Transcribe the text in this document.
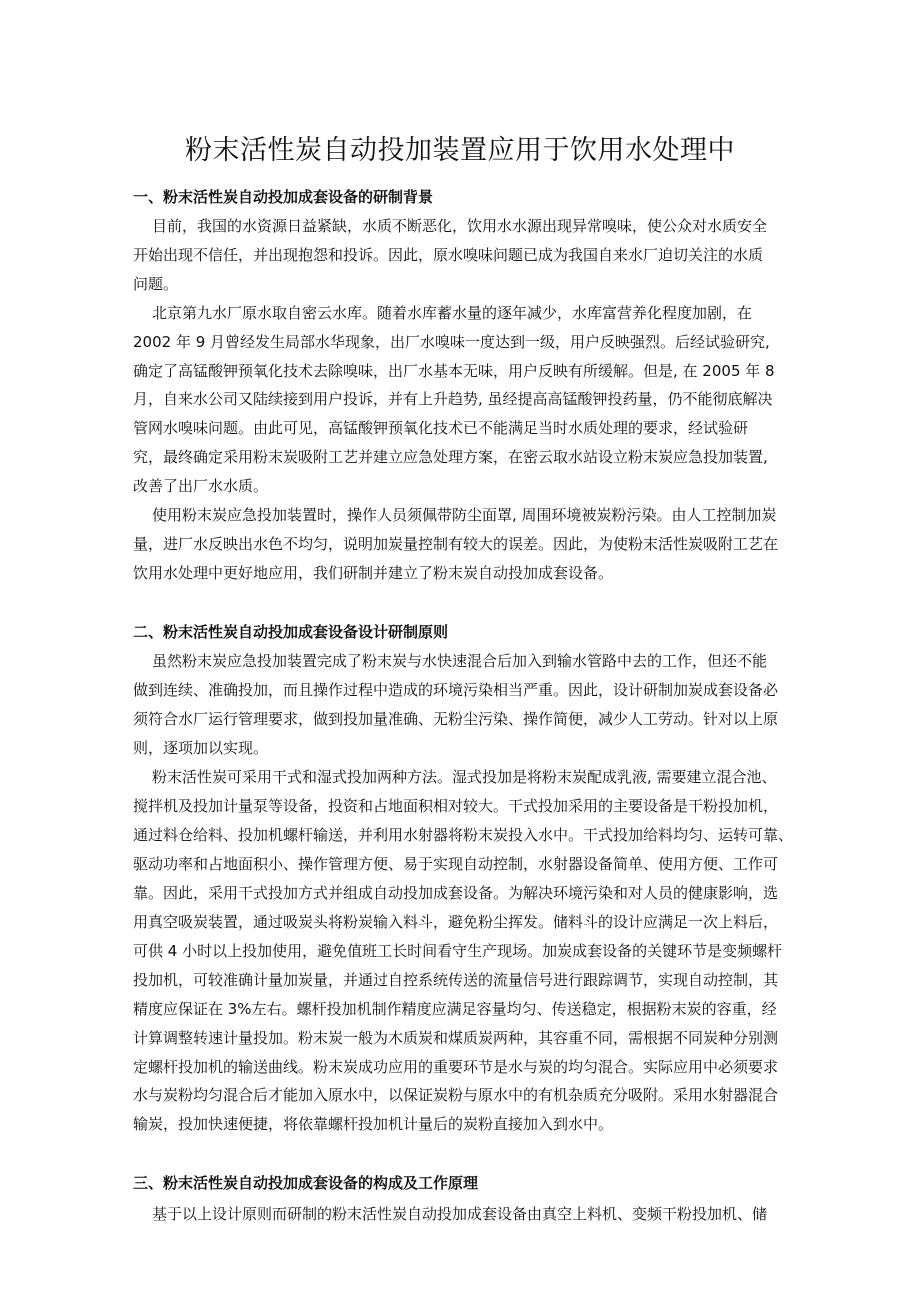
粉末活性炭自动投加装置应用于饮用水处理中
一、粉末活性炭自动投加成套设备的研制背景

目前，我国的水资源日益紧缺，水质不断恶化，饮用水水源出现异常嗅味，使公众对水质安全

开始出现不信任，并出现抱怨和投诉。因此，原水嗅味问题已成为我国自来水厂迫切关注的水质

问题。

北京第九水厂原水取自密云水库。随着水库蓄水量的逐年减少，水库富营养化程度加剧，在

2002 年 9 月曾经发生局部水华现象，出厂水嗅味一度达到一级，用户反映强烈。后经试验研究,

确定了高锰酸钾预氧化技术去除嗅味，出厂水基本无味，用户反映有所缓解。但是, 在 2005 年 8

月，自来水公司又陆续接到用户投诉，并有上升趋势, 虽经提高高锰酸钾投药量，仍不能彻底解决

管网水嗅味问题。由此可见，高锰酸钾预氧化技术已不能满足当时水质处理的要求，经试验研

究，最终确定采用粉末炭吸附工艺并建立应急处理方案，在密云取水站设立粉末炭应急投加装置,

改善了出厂水水质。

使用粉末炭应急投加装置时，操作人员须佩带防尘面罩, 周围环境被炭粉污染。由人工控制加炭

量，进厂水反映出水色不均匀，说明加炭量控制有较大的误差。因此，为使粉末活性炭吸附工艺在

饮用水处理中更好地应用，我们研制并建立了粉末炭自动投加成套设备。

二、粉末活性炭自动投加成套设备设计研制原则

虽然粉末炭应急投加装置完成了粉末炭与水快速混合后加入到输水管路中去的工作，但还不能

做到连续、准确投加，而且操作过程中造成的环境污染相当严重。因此，设计研制加炭成套设备必

须符合水厂运行管理要求，做到投加量准确、无粉尘污染、操作简便，减少人工劳动。针对以上原

则，逐项加以实现。

粉末活性炭可采用干式和湿式投加两种方法。湿式投加是将粉末炭配成乳液, 需要建立混合池、

搅拌机及投加计量泵等设备，投资和占地面积相对较大。干式投加采用的主要设备是干粉投加机，

通过料仓给料、投加机螺杆输送，并利用水射器将粉末炭投入水中。干式投加给料均匀、运转可靠、

驱动功率和占地面积小、操作管理方便、易于实现自动控制，水射器设备简单、使用方便、工作可

靠。因此，采用干式投加方式并组成自动投加成套设备。为解决环境污染和对人员的健康影响，选

用真空吸炭装置，通过吸炭头将粉炭输入料斗，避免粉尘挥发。储料斗的设计应满足一次上料后，

可供 4 小时以上投加使用，避免值班工长时间看守生产现场。加炭成套设备的关键环节是变频螺杆

投加机，可较准确计量加炭量，并通过自控系统传送的流量信号进行跟踪调节，实现自动控制，其

精度应保证在 3%左右。螺杆投加机制作精度应满足容量均匀、传送稳定，根据粉末炭的容重，经

计算调整转速计量投加。粉末炭一般为木质炭和煤质炭两种，其容重不同，需根据不同炭种分别测

定螺杆投加机的输送曲线。粉末炭成功应用的重要环节是水与炭的均匀混合。实际应用中必须要求

水与炭粉均匀混合后才能加入原水中，以保证炭粉与原水中的有机杂质充分吸附。采用水射器混合

输炭，投加快速便捷，将依靠螺杆投加机计量后的炭粉直接加入到水中。

三、粉末活性炭自动投加成套设备的构成及工作原理

基于以上设计原则而研制的粉末活性炭自动投加成套设备由真空上料机、变频干粉投加机、储
